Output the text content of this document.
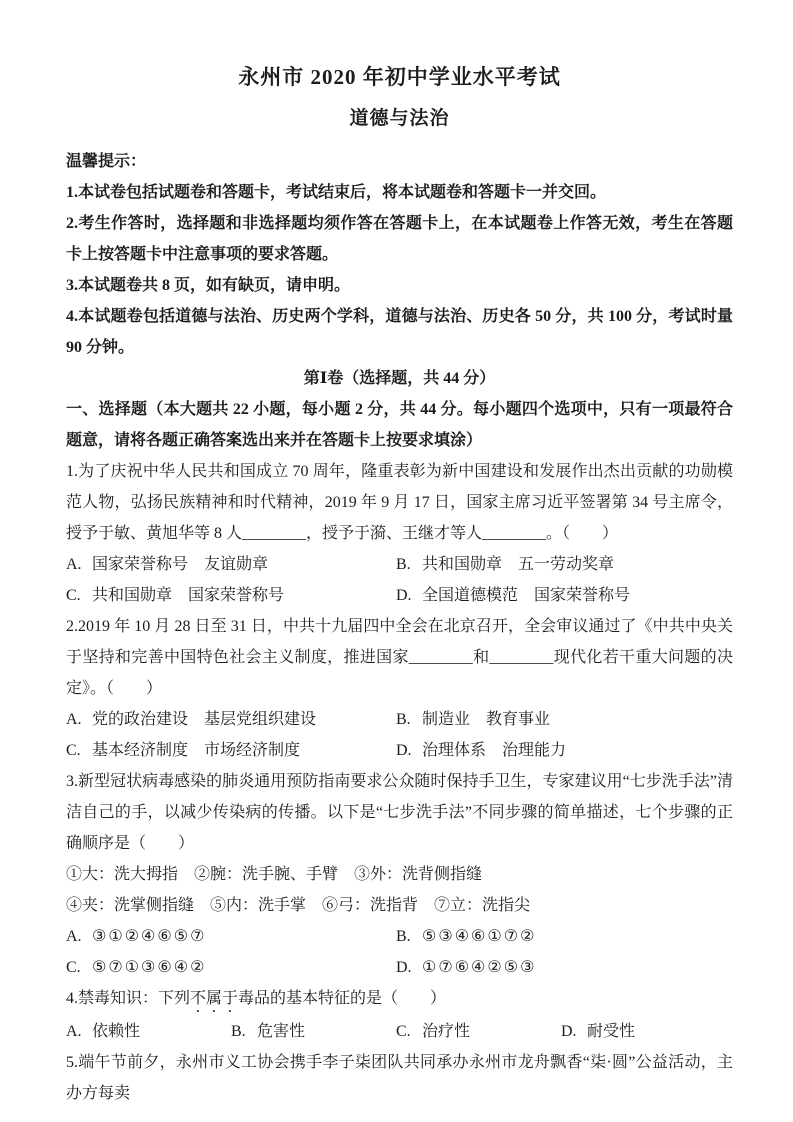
永州市 2020 年初中学业水平考试
道德与法治

温馨提示：

1.本试卷包括试题卷和答题卡，考试结束后，将本试题卷和答题卡一并交回。

2.考生作答时，选择题和非选择题均须作答在答题卡上，在本试题卷上作答无效，考生在答题卡上按答题卡中注意事项的要求答题。

3.本试题卷共 8 页，如有缺页，请申明。

4.本试题卷包括道德与法治、历史两个学科，道德与法治、历史各 50 分，共 100 分，考试时量 90 分钟。

第Ⅰ卷（选择题，共 44 分）

一、选择题（本大题共 22 小题，每小题 2 分，共 44 分。每小题四个选项中，只有一项最符合题意，请将各题正确答案选出来并在答题卡上按要求填涂）

1.为了庆祝中华人民共和国成立 70 周年，隆重表彰为新中国建设和发展作出杰出贡献的功勋模范人物，弘扬民族精神和时代精神，2019 年 9 月 17 日，国家主席习近平签署第 34 号主席令，授予于敏、黄旭华等 8 人________，授予于漪、王继才等人________。（　　）

A. 国家荣誉称号　友谊勋章	B. 共和国勋章　五一劳动奖章

C. 共和国勋章　国家荣誉称号	D. 全国道德模范　国家荣誉称号

2.2019 年 10 月 28 日至 31 日，中共十九届四中全会在北京召开，全会审议通过了《中共中央关于坚持和完善中国特色社会主义制度，推进国家________和________现代化若干重大问题的决定》。（　　）

A. 党的政治建设　基层党组织建设	B. 制造业　教育事业

C. 基本经济制度　市场经济制度	D. 治理体系　治理能力

3.新型冠状病毒感染的肺炎通用预防指南要求公众随时保持手卫生，专家建议用“七步洗手法”清洁自己的手，以减少传染病的传播。以下是“七步洗手法”不同步骤的简单描述，七个步骤的正确顺序是（　　）

①大：洗大拇指　②腕：洗手腕、手臂　③外：洗背侧指缝

④夹：洗掌侧指缝　⑤内：洗手掌　⑥弓：洗指背　⑦立：洗指尖

A. ③①②④⑥⑤⑦	B. ⑤③④⑥①⑦②

C. ⑤⑦①③⑥④②	D. ①⑦⑥④②⑤③

4.禁毒知识：下列不属于毒品的基本特征的是（　　）

A. 依赖性	B. 危害性	C. 治疗性	D. 耐受性

5.端午节前夕，永州市义工协会携手李子柒团队共同承办永州市龙舟飘香“柒·圆”公益活动，主办方每卖
